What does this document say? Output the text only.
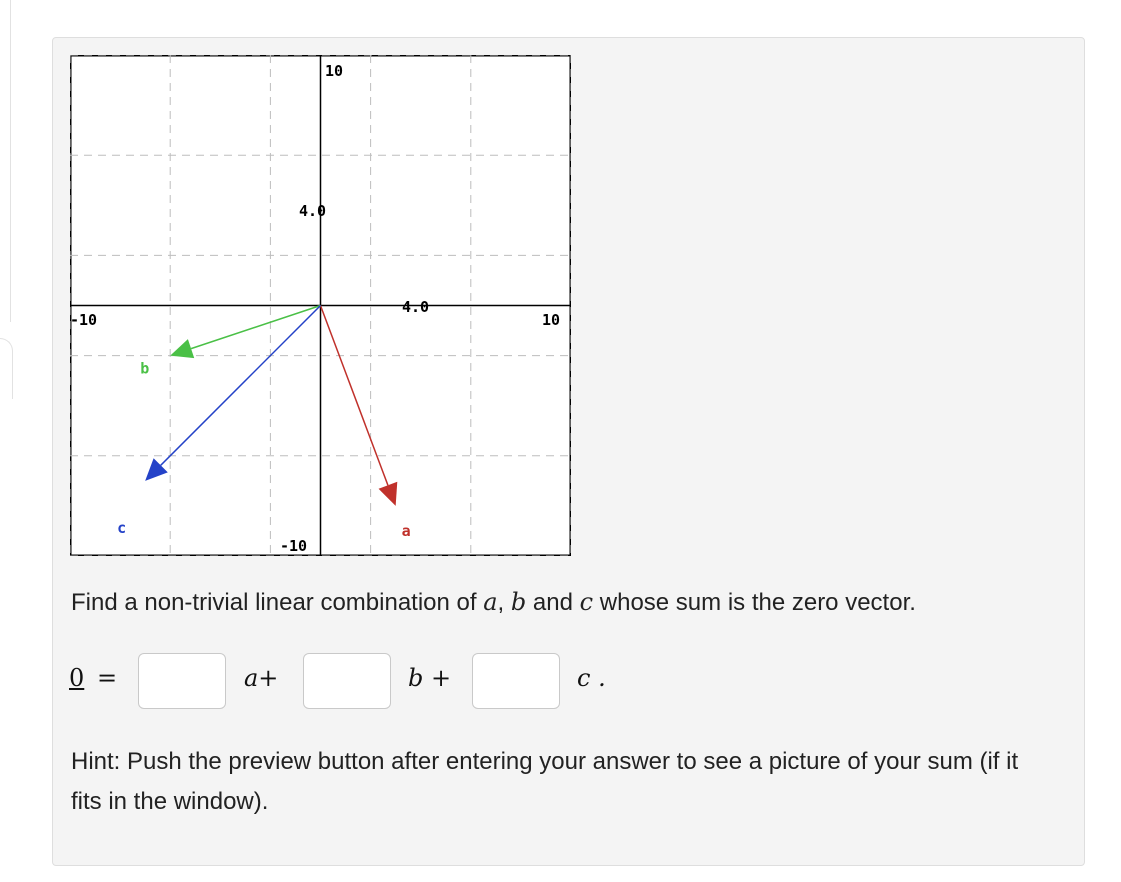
a
b
c
10
4.0
-10
4.0
10
-10
Find a non-trivial linear combination of a, b and c whose sum is the zero vector.
0 =	a+	b +	c .
Hint: Push the preview button after entering your answer to see a picture of your sum (if it fits in the window).
